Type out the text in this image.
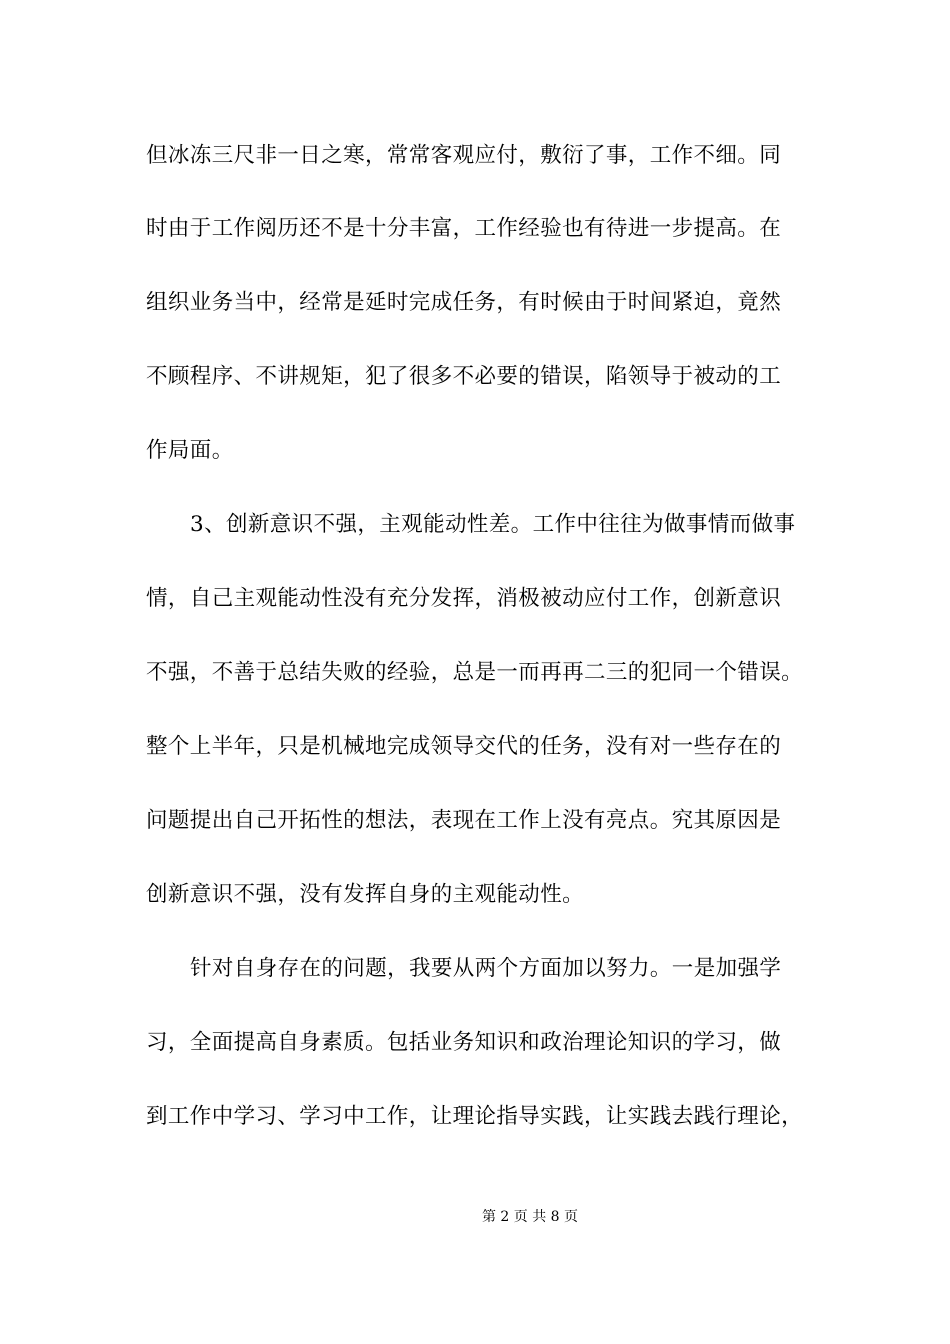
但冰冻三尺非一日之寒，常常客观应付，敷衍了事，工作不细。同
时由于工作阅历还不是十分丰富，工作经验也有待进一步提高。在
组织业务当中，经常是延时完成任务，有时候由于时间紧迫，竟然
不顾程序、不讲规矩，犯了很多不必要的错误，陷领导于被动的工
作局面。
3、创新意识不强，主观能动性差。工作中往往为做事情而做事
情，自己主观能动性没有充分发挥，消极被动应付工作，创新意识
不强，不善于总结失败的经验，总是一而再再二三的犯同一个错误。
整个上半年，只是机械地完成领导交代的任务，没有对一些存在的
问题提出自己开拓性的想法，表现在工作上没有亮点。究其原因是
创新意识不强，没有发挥自身的主观能动性。
针对自身存在的问题，我要从两个方面加以努力。一是加强学
习，全面提高自身素质。包括业务知识和政治理论知识的学习，做
到工作中学习、学习中工作，让理论指导实践，让实践去践行理论，
第 2 页 共 8 页
